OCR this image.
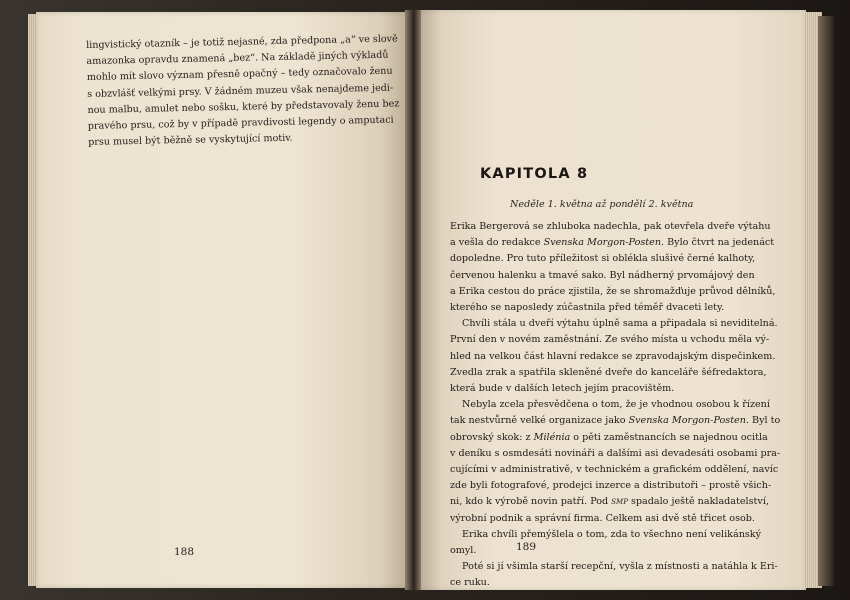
lingvistický otazník – je totiž nejasné, zda předpona „a“ ve slově
amazonka opravdu znamená „bez“. Na základě jiných výkladů
mohlo mít slovo význam přesně opačný – tedy označovalo ženu
s obzvlášť velkými prsy. V žádném muzeu však nenajdeme jedi-
nou malbu, amulet nebo sošku, které by představovaly ženu bez
pravého prsu, což by v případě pravdivosti legendy o amputaci
prsu musel být běžně se vyskytující motiv.
188
KAPITOLA 8
Neděle 1. května až pondělí 2. května
Erika Bergerová se zhluboka nadechla, pak otevřela dveře výtahu
a vešla do redakce Svenska Morgon-Posten. Bylo čtvrt na jedenáct
dopoledne. Pro tuto příležitost si oblékla slušivé černé kalhoty,
červenou halenku a tmavé sako. Byl nádherný prvomájový den
a Erika cestou do práce zjistila, že se shromažďuje průvod dělníků,
kterého se naposledy zúčastnila před téměř dvaceti lety.
Chvíli stála u dveří výtahu úplně sama a připadala si neviditelná.
První den v novém zaměstnání. Ze svého místa u vchodu měla vý-
hled na velkou část hlavní redakce se zpravodajským dispečinkem.
Zvedla zrak a spatřila skleněné dveře do kanceláře šéfredaktora,
která bude v dalších letech jejím pracovištěm.
Nebyla zcela přesvědčena o tom, že je vhodnou osobou k řízení
tak nestvůrně velké organizace jako Svenska Morgon-Posten. Byl to
obrovský skok: z Milénia o pěti zaměstnancích se najednou ocitla
v deníku s osmdesáti novináři a dalšími asi devadesáti osobami pra-
cujícími v administrativě, v technickém a grafickém oddělení, navíc
zde byli fotografové, prodejci inzerce a distributoři – prostě všich-
ni, kdo k výrobě novin patří. Pod smp spadalo ještě nakladatelství,
výrobní podnik a správní firma. Celkem asi dvě stě třicet osob.
Erika chvíli přemýšlela o tom, zda to všechno není velikánský
omyl.
Poté si jí všimla starší recepční, vyšla z místnosti a natáhla k Eri-
ce ruku.
189
